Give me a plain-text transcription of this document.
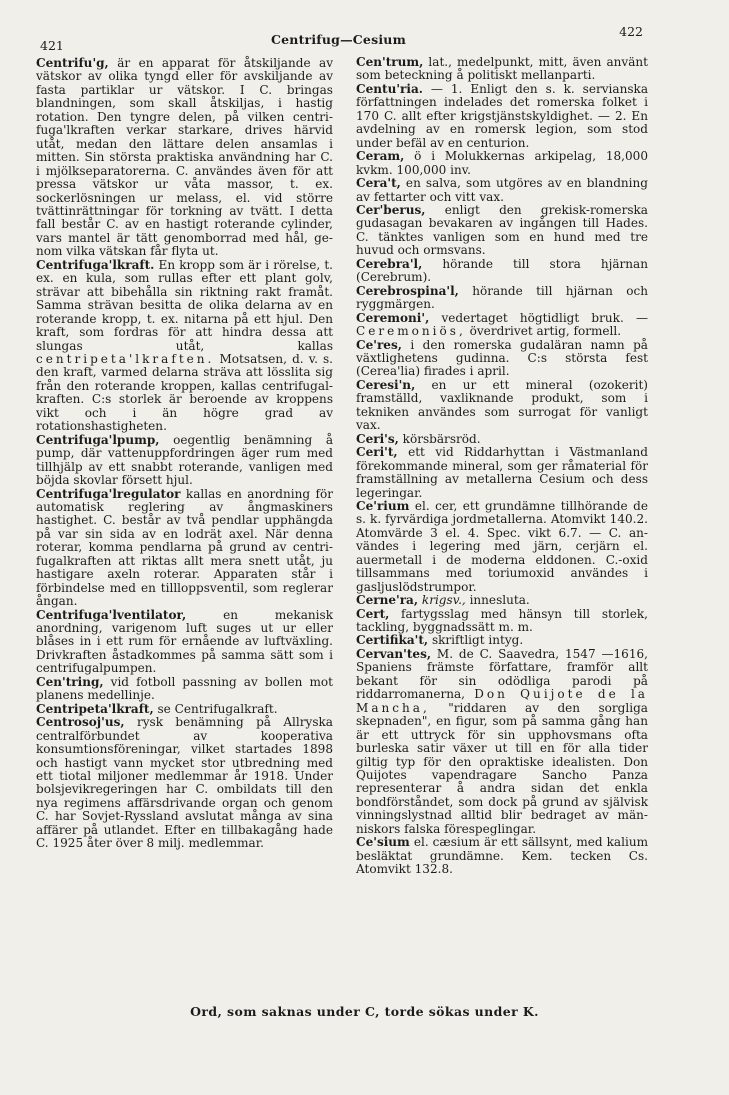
421	Centrifug—Cesium
422

Centrifu'g, är en apparat för åtskiljande av vätskor av olika tyngd eller för avskiljande av fasta partiklar ur vätskor. I C. bringas blandningen, som skall åtskiljas, i hastig rotation. Den tyngre delen, på vilken centrifuga'lkraften verkar starkare, drives härvid utåt, medan den lättare delen ansamlas i mitten. Sin största praktiska användning har C. i mjölkseparatorerna. C. användes även för att pressa vätskor ur våta massor, t. ex. sockerlösningen ur melass, el. vid större tvättinrättningar för torkning av tvätt. I detta fall består C. av en hastigt roterande cylinder, vars mantel är tätt genomborrad med hål, genom vilka vätskan får flyta ut.

Centrifuga'lkraft. En kropp som är i rörelse, t. ex. en kula, som rullas efter ett plant golv, strävar att bibehålla sin riktning rakt framåt. Samma strävan besitta de olika delarna av en roterande kropp, t. ex. nitarna på ett hjul. Den kraft, som fordras för att hindra dessa att slungas utåt, kallas centripeta'lkraften. Motsatsen, d. v. s. den kraft, varmed delarna sträva att lösslita sig från den roterande kroppen, kallas centrifugalkraften. C:s storlek är beroende av kroppens vikt och i än högre grad av rotationshastigheten.

Centrifuga'lpump, oegentlig benämning å pump, där vattenuppfordringen äger rum med tillhjälp av ett snabbt roterande, vanligen med böjda skovlar försett hjul.

Centrifuga'lregulator kallas en anordning för automatisk reglering av ångmaskiners hastighet. C. består av två pendlar upphängda på var sin sida av en lodrät axel. När denna roterar, komma pendlarna på grund av centrifugalkraften att riktas allt mera snett utåt, ju hastigare axeln roterar. Apparaten står i förbindelse med en tillloppsventil, som reglerar ångan.

Centrifuga'lventilator, en mekanisk anordning, varigenom luft suges ut ur eller blåses in i ett rum för ernående av luftväxling. Drivkraften åstadkommes på samma sätt som i centrifugalpumpen.

Cen'tring, vid fotboll passning av bollen mot planens medellinje.

Centripeta'lkraft, se Centrifugalkraft.

Centrosoj'us, rysk benämning på Allryska centralförbundet av kooperativa konsumtionsföreningar, vilket startades 1898 och hastigt vann mycket stor utbredning med ett tiotal miljoner medlemmar år 1918. Under bolsjevikregeringen har C. ombildats till den nya regimens affärsdrivande organ och genom C. har Sovjet-Ryssland avslutat många av sina affärer på utlandet. Efter en tillbakagång hade C. 1925 åter över 8 milj. medlemmar.

Cen'trum, lat., medelpunkt, mitt, även använt som beteckning å politiskt mellanparti.

Centu'ria. — 1. Enligt den s. k. servianska författningen indelades det romerska folket i 170 C. allt efter krigstjänstskyldighet. — 2. En avdelning av en romersk legion, som stod under befäl av en centurion.

Ceram, ö i Molukkernas arkipelag, 18,000 kvkm. 100,000 inv.

Cera't, en salva, som utgöres av en blandning av fettarter och vitt vax.

Cer'berus, enligt den grekisk-romerska gudasagan bevakaren av ingången till Hades. C. tänktes vanligen som en hund med tre huvud och ormsvans.

Cerebra'l, hörande till stora hjärnan (Cerebrum).

Cerebrospina'l, hörande till hjärnan och ryggmärgen.

Ceremoni', vedertaget högtidligt bruk. — Ceremoniös, överdrivet artig, formell.

Ce'res, i den romerska gudaläran namn på växtlighetens gudinna. C:s största fest (Cerea'lia) firades i april.

Ceresi'n, en ur ett mineral (ozokerit) framställd, vaxliknande produkt, som i tekniken användes som surrogat för vanligt vax.

Ceri's, körsbärsröd.

Ceri't, ett vid Riddarhyttan i Västmanland förekommande mineral, som ger råmaterial för framställning av metallerna Cesium och dess legeringar.

Ce'rium el. cer, ett grundämne tillhörande de s. k. fyrvärdiga jordmetallerna. Atomvikt 140.2. Atomvärde 3 el. 4. Spec. vikt 6.7. — C. användes i legering med järn, cerjärn el. auermetall i de moderna elddonen. C.-oxid tillsammans med toriumoxid användes i gasljuslödstrumpor.

Cerne'ra, krigsv., innesluta.

Cert, fartygsslag med hänsyn till storlek, tackling, byggnadssätt m. m.

Certifika't, skriftligt intyg.

Cervan'tes, M. de C. Saavedra, 1547 —1616, Spaniens främste författare, framför allt bekant för sin odödliga parodi på riddarromanerna, Don Quijote de la Mancha, "riddaren av den sorgliga skepnaden", en figur, som på samma gång han är ett uttryck för sin upphovsmans ofta burleska satir växer ut till en för alla tider giltig typ för den opraktiske idealisten. Don Quijotes vapendragare Sancho Panza representerar å andra sidan det enkla bondförståndet, som dock på grund av självisk vinningslystnad alltid blir bedraget av människors falska förespeglingar.

Ce'sium el. cæsium är ett sällsynt, med kalium besläktat grundämne. Kem. tecken Cs. Atomvikt 132.8.

Ord, som saknas under C, torde sökas under K.
